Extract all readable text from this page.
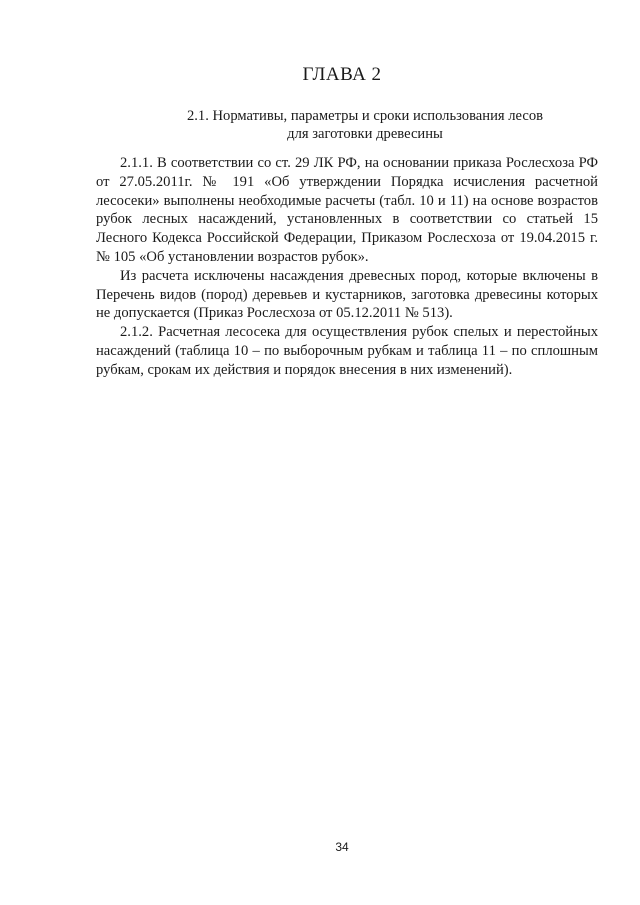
ГЛАВА 2
2.1. Нормативы, параметры и сроки использования лесов
для заготовки древесины

2.1.1. В соответствии со ст. 29 ЛК РФ, на основании приказа Рослесхоза РФ от 27.05.2011г. № 191 «Об утверждении Порядка исчисления расчетной лесосеки» выполнены необходимые расчеты (табл. 10 и 11) на основе возрастов рубок лесных насаждений, установленных в соответствии со статьей 15 Лесного Кодекса Российской Федерации, Приказом Рослесхоза от 19.04.2015 г. № 105 «Об установлении возрастов рубок».

Из расчета исключены насаждения древесных пород, которые включены в Перечень видов (пород) деревьев и кустарников, заготовка древесины которых не допускается (Приказ Рослесхоза от 05.12.2011 № 513).

2.1.2. Расчетная лесосека для осуществления рубок спелых и перестойных насаждений (таблица 10 – по выборочным рубкам и таблица 11 – по сплошным рубкам, срокам их действия и порядок внесения в них изменений).

34
